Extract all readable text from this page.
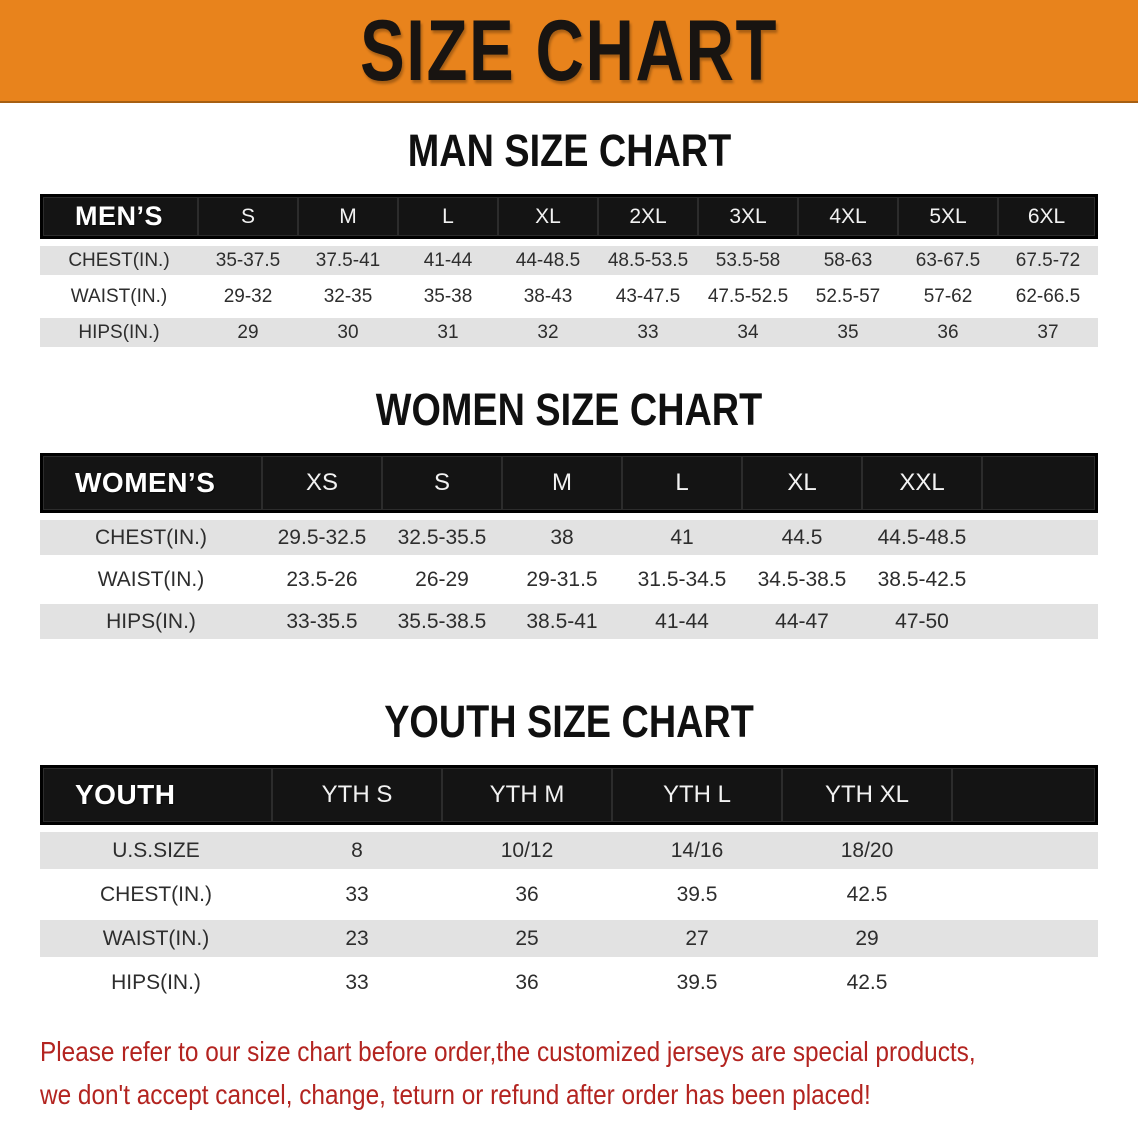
SIZE CHART
MAN SIZE CHART
MEN’S	S	M	L	XL	2XL	3XL	4XL	5XL	6XL
CHEST(IN.)	35-37.5	37.5-41	41-44	44-48.5	48.5-53.5	53.5-58	58-63	63-67.5	67.5-72
WAIST(IN.)	29-32	32-35	35-38	38-43	43-47.5	47.5-52.5	52.5-57	57-62	62-66.5
HIPS(IN.)	29	30	31	32	33	34	35	36	37
WOMEN SIZE CHART
WOMEN’S	XS	S	M	L	XL	XXL	
CHEST(IN.)	29.5-32.5	32.5-35.5	38	41	44.5	44.5-48.5	
WAIST(IN.)	23.5-26	26-29	29-31.5	31.5-34.5	34.5-38.5	38.5-42.5	
HIPS(IN.)	33-35.5	35.5-38.5	38.5-41	41-44	44-47	47-50	
YOUTH SIZE CHART
YOUTH	YTH S	YTH M	YTH L	YTH XL	
U.S.SIZE	8	10/12	14/16	18/20	
CHEST(IN.)	33	36	39.5	42.5	
WAIST(IN.)	23	25	27	29	
HIPS(IN.)	33	36	39.5	42.5	

Please refer to our size chart before order,the customized jerseys are special products,

we don't accept cancel, change, teturn or refund after order has been placed!
